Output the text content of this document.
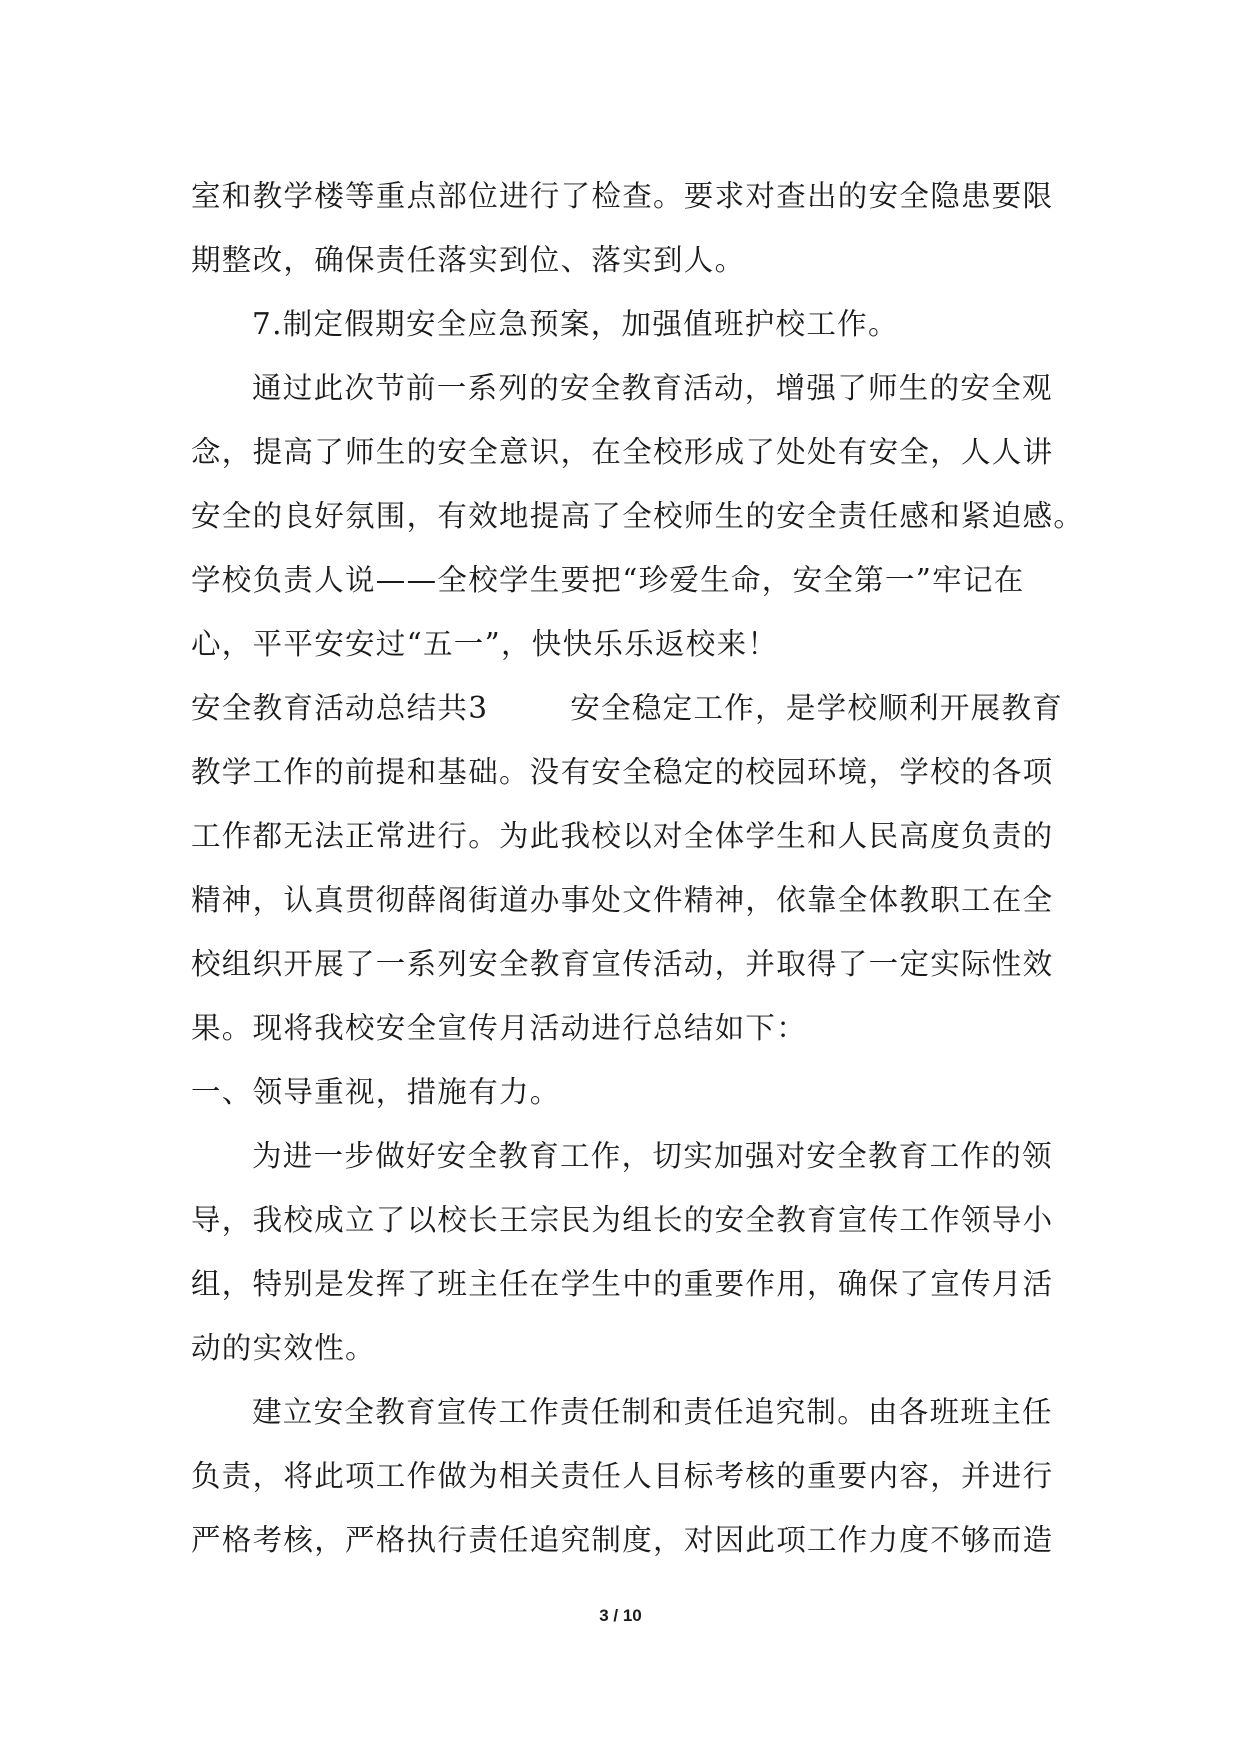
室和教学楼等重点部位进行了检查。要求对查出的安全隐患要限
期整改，确保责任落实到位、落实到人。
7.制定假期安全应急预案，加强值班护校工作。
通过此次节前一系列的安全教育活动，增强了师生的安全观
念，提高了师生的安全意识，在全校形成了处处有安全，人人讲
安全的良好氛围，有效地提高了全校师生的安全责任感和紧迫感。
学校负责人说——全校学生要把“珍爱生命，安全第一”牢记在
心，平平安安过“五一”，快快乐乐返校来！
安全教育活动总结共3	安全稳定工作，是学校顺利开展教育
教学工作的前提和基础。没有安全稳定的校园环境，学校的各项
工作都无法正常进行。为此我校以对全体学生和人民高度负责的
精神，认真贯彻薛阁街道办事处文件精神，依靠全体教职工在全
校组织开展了一系列安全教育宣传活动，并取得了一定实际性效
果。现将我校安全宣传月活动进行总结如下：
一、领导重视，措施有力。
为进一步做好安全教育工作，切实加强对安全教育工作的领
导，我校成立了以校长王宗民为组长的安全教育宣传工作领导小
组，特别是发挥了班主任在学生中的重要作用，确保了宣传月活
动的实效性。
建立安全教育宣传工作责任制和责任追究制。由各班班主任
负责，将此项工作做为相关责任人目标考核的重要内容，并进行
严格考核，严格执行责任追究制度，对因此项工作力度不够而造
3 / 10
